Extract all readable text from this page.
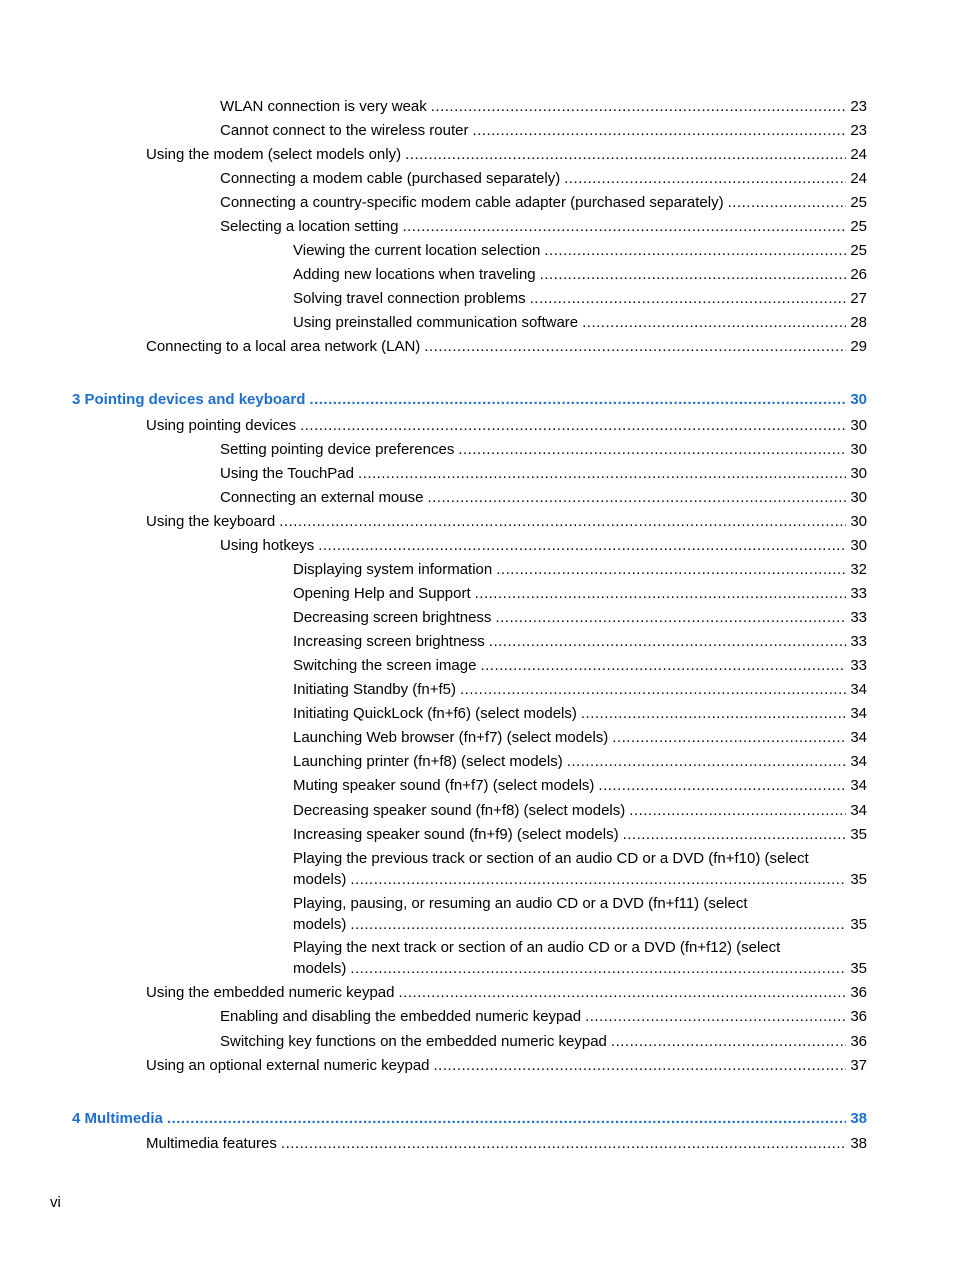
WLAN connection is very weak .....	23
Cannot connect to the wireless router .....	23
Using the modem (select models only) .....	24
Connecting a modem cable (purchased separately) .....	24
Connecting a country-specific modem cable adapter (purchased separately) .....	25
Selecting a location setting .....	25
Viewing the current location selection .....	25
Adding new locations when traveling .....	26
Solving travel connection problems .....	27
Using preinstalled communication software .....	28
Connecting to a local area network (LAN) .....	29
3 Pointing devices and keyboard .....	30
Using pointing devices .....	30
Setting pointing device preferences .....	30
Using the TouchPad .....	30
Connecting an external mouse .....	30
Using the keyboard .....	30
Using hotkeys .....	30
Displaying system information .....	32
Opening Help and Support .....	33
Decreasing screen brightness .....	33
Increasing screen brightness .....	33
Switching the screen image .....	33
Initiating Standby (fn+f5) .....	34
Initiating QuickLock (fn+f6) (select models) .....	34
Launching Web browser (fn+f7) (select models) .....	34
Launching printer (fn+f8) (select models) .....	34
Muting speaker sound (fn+f7) (select models) .....	34
Decreasing speaker sound (fn+f8) (select models) .....	34
Increasing speaker sound (fn+f9) (select models) .....	35
Playing the previous track or section of an audio CD or a DVD (fn+f10) (select
models) .....	35
Playing, pausing, or resuming an audio CD or a DVD (fn+f11) (select
models) .....	35
Playing the next track or section of an audio CD or a DVD (fn+f12) (select
models) .....	35
Using the embedded numeric keypad .....	36
Enabling and disabling the embedded numeric keypad .....	36
Switching key functions on the embedded numeric keypad .....	36
Using an optional external numeric keypad .....	37
4 Multimedia .....	38
Multimedia features .....	38
vi
